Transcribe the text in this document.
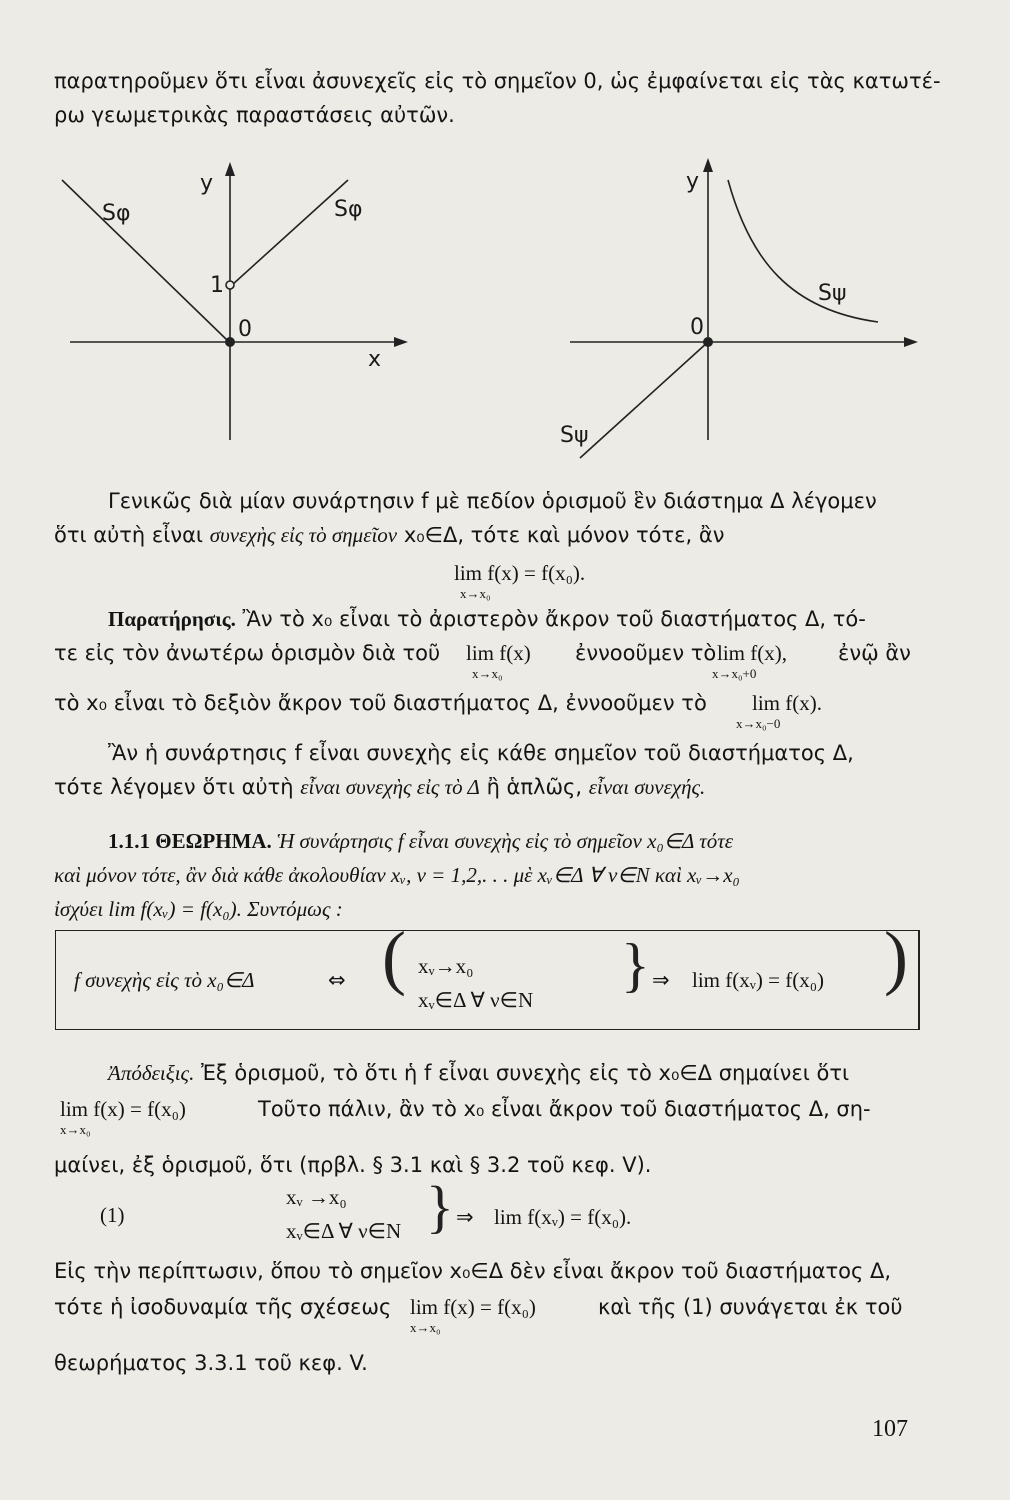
παρατηροῦμεν ὅτι εἶναι ἀσυνεχεῖς εἰς τὸ σημεῖον 0, ὡς ἐμφαίνεται εἰς τὰς κατωτέ-
ρω γεωμετρικὰς παραστάσεις αὐτῶν.
y
x
0
1
Sφ	Sφ
y
0
Sψ
Sψ
Γενικῶς διὰ μίαν συνάρτησιν f μὲ πεδίον ὁρισμοῦ ἓν διάστημα Δ λέγομεν
ὅτι αὐτὴ εἶναι συνεχὴς εἰς τὸ σημεῖον x₀∈Δ, τότε καὶ μόνον τότε, ἂν
lim f(x) = f(x₀).
x→x₀
Παρατήρησις. Ἂν τὸ x₀ εἶναι τὸ ἀριστερὸν ἄκρον τοῦ διαστήματος Δ, τό-
τε εἰς τὸν ἀνωτέρω ὁρισμὸν διὰ τοῦ lim f(x)
x→x₀
ἐννοοῦμεν τὸ lim f(x),
x→x₀+0
ἐνῷ ἂν
τὸ x₀ εἶναι τὸ δεξιὸν ἄκρον τοῦ διαστήματος Δ, ἐννοοῦμεν τὸ lim f(x).
x→x₀−0
Ἂν ἡ συνάρτησις f εἶναι συνεχὴς εἰς κάθε σημεῖον τοῦ διαστήματος Δ,
τότε λέγομεν ὅτι αὐτὴ εἶναι συνεχὴς εἰς τὸ Δ ἢ ἁπλῶς, εἶναι συνεχής.
1.1.1 ΘΕΩΡΗΜΑ. Ἡ συνάρτησις f εἶναι συνεχὴς εἰς τὸ σημεῖον x₀∈Δ τότε
καὶ μόνον τότε, ἂν διὰ κάθε ἀκολουθίαν xᵥ, ν = 1,2,. . . μὲ xᵥ∈Δ ∀ ν∈N καὶ xᵥ→x₀
ἰσχύει lim f(xᵥ) = f(x₀). Συντόμως :
f συνεχὴς εἰς τὸ x₀∈Δ	⇔ ( xᵥ→x₀
xᵥ∈Δ ∀ ν∈N
} ⇒ lim f(xᵥ) = f(x₀) )
Ἀπόδειξις. Ἐξ ὁρισμοῦ, τὸ ὅτι ἡ f εἶναι συνεχὴς εἰς τὸ x₀∈Δ σημαίνει ὅτι
lim f(x) = f(x₀)
x→x₀
Τοῦτο πάλιν, ἂν τὸ x₀ εἶναι ἄκρον τοῦ διαστήματος Δ, ση-
μαίνει, ἐξ ὁρισμοῦ, ὅτι (πρβλ. § 3.1 καὶ § 3.2 τοῦ κεφ. V).
(1)
xᵥ →x₀
xᵥ∈Δ ∀ ν∈N } ⇒ lim f(xᵥ) = f(x₀).
Εἰς τὴν περίπτωσιν, ὅπου τὸ σημεῖον x₀∈Δ δὲν εἶναι ἄκρον τοῦ διαστήματος Δ,
τότε ἡ ἰσοδυναμία τῆς σχέσεως lim f(x) = f(x₀)
x→x₀
καὶ τῆς (1) συνάγεται ἐκ τοῦ
θεωρήματος 3.3.1 τοῦ κεφ. V.
107
